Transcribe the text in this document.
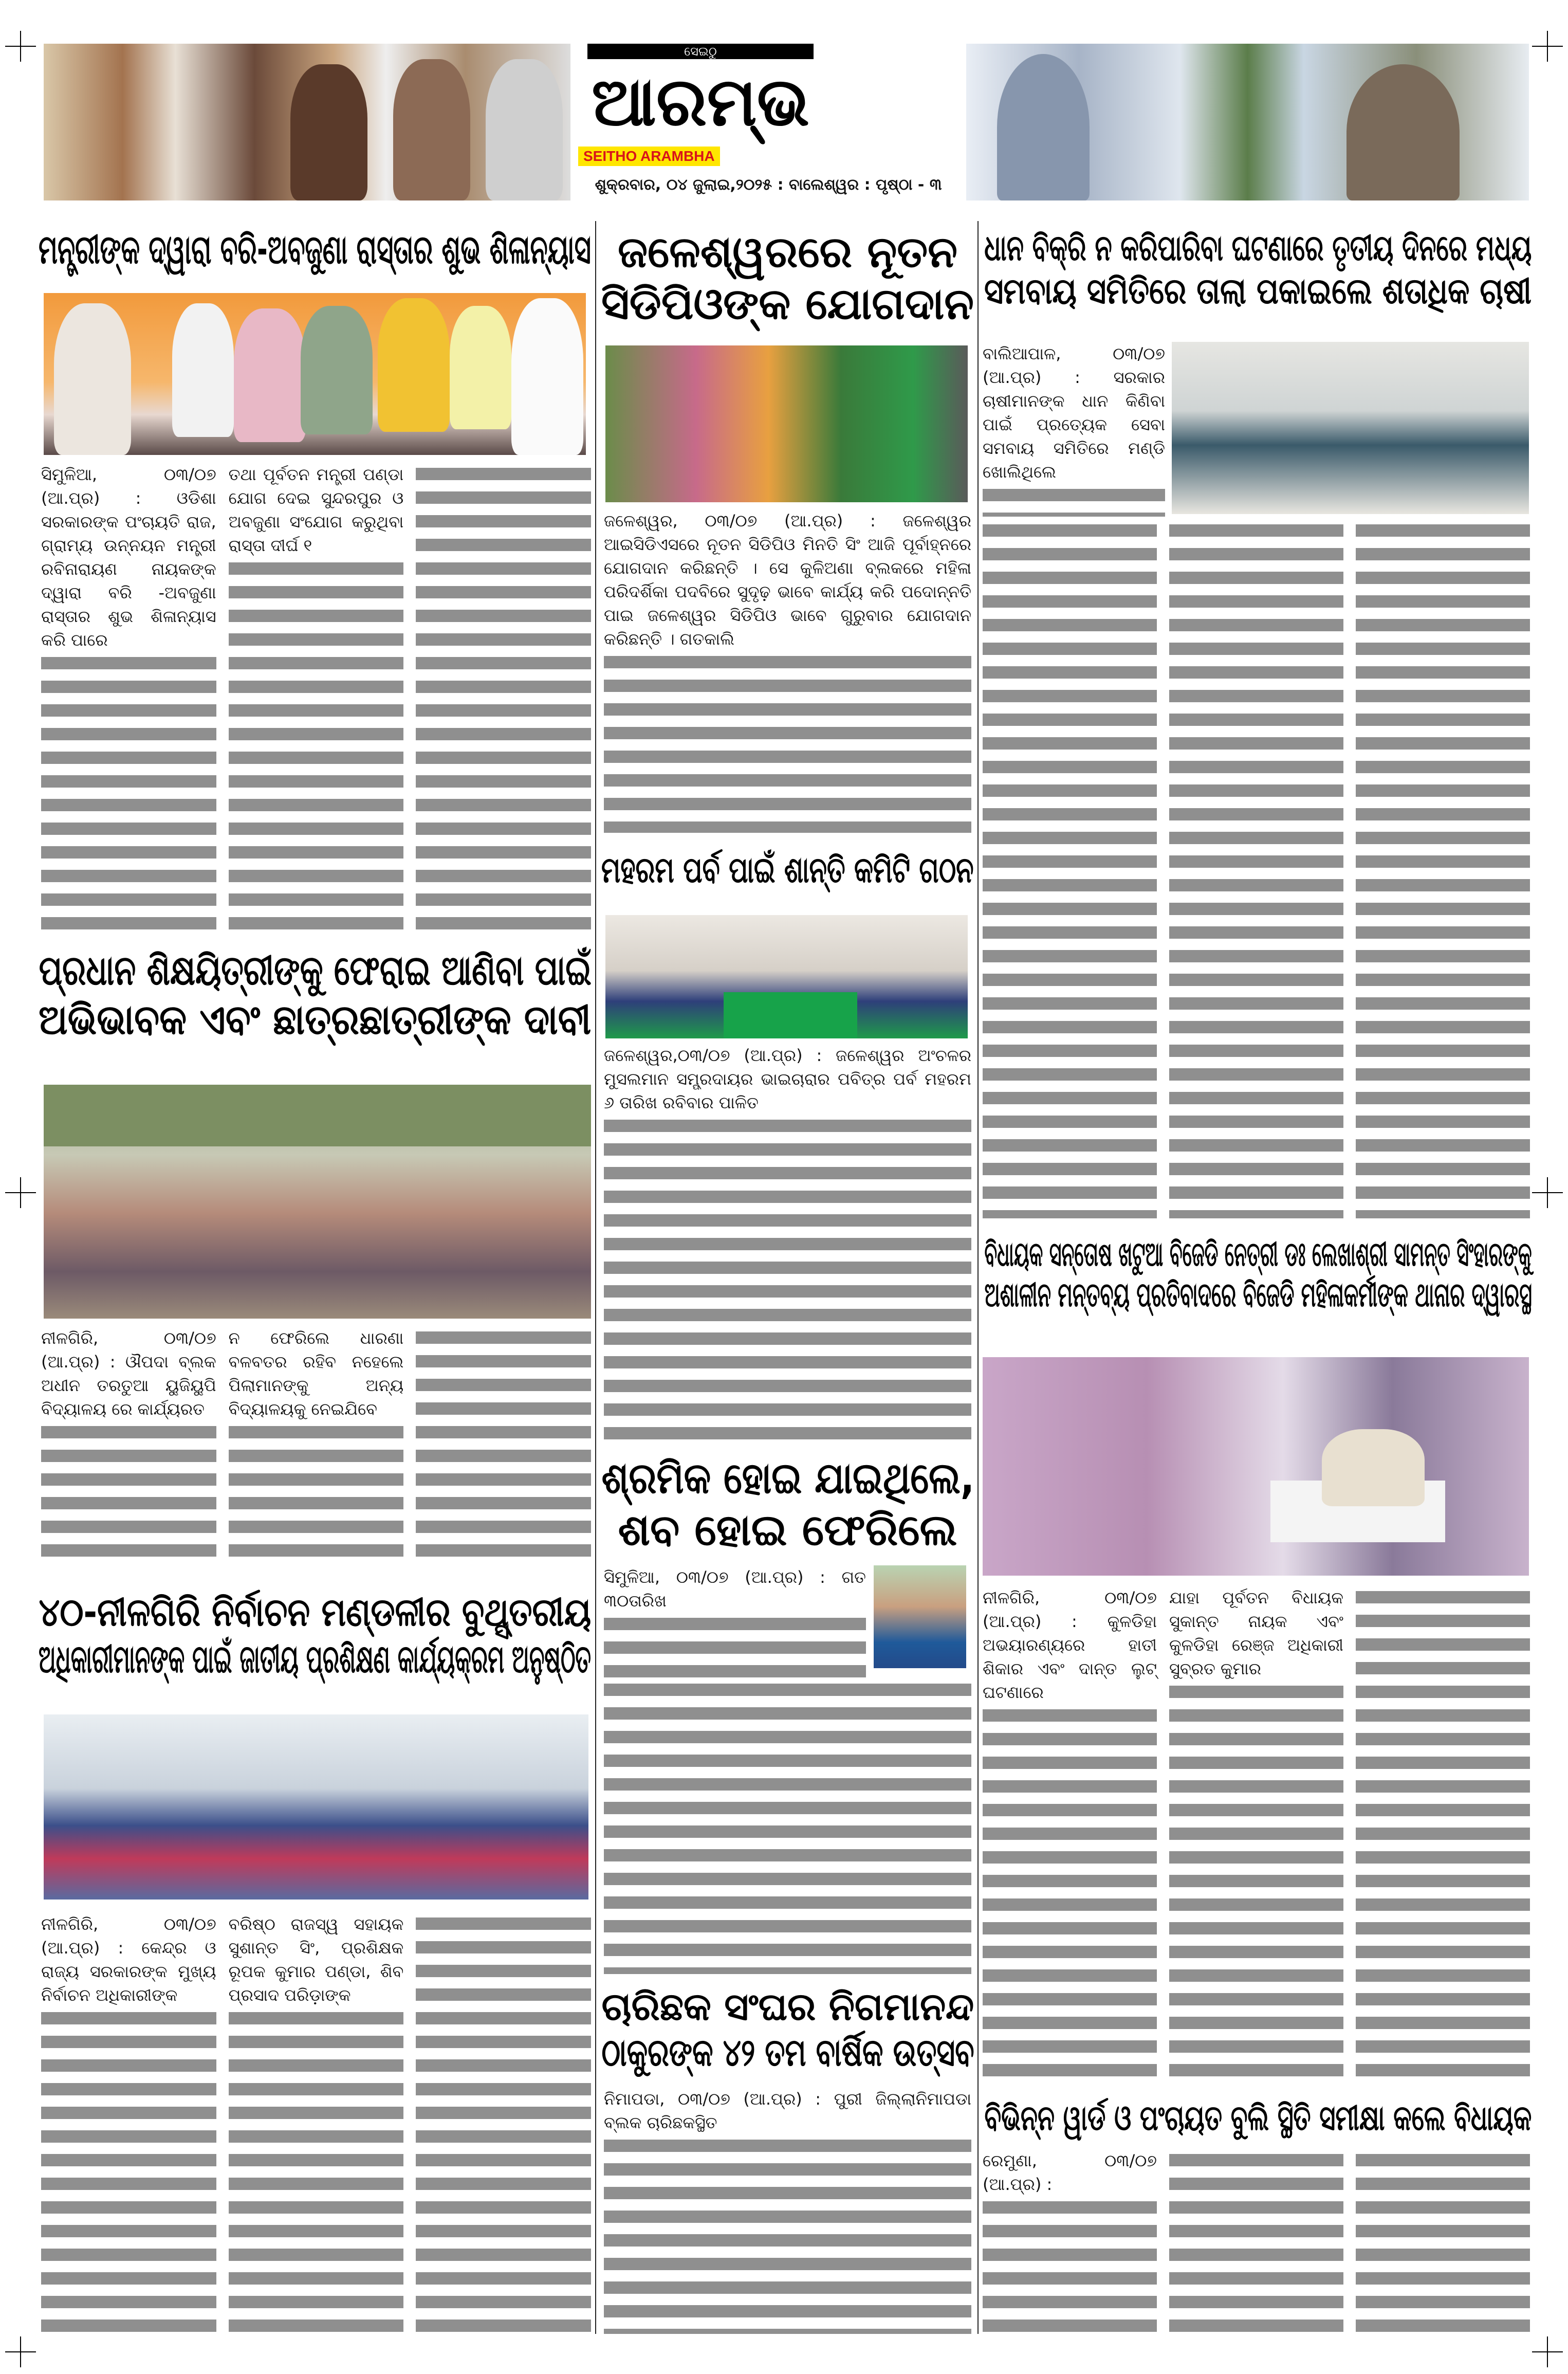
ସେଇଠୁ
ଆରମ୍ଭ
SEITHO ARAMBHA
ଶୁକ୍ରବାର, ୦୪ ଜୁଲାଇ,୨୦୨୫ : ବାଲେଶ୍ୱର : ପୃଷ୍ଠା - ୩
ମନ୍ତ୍ରୀଙ୍କ ଦ୍ୱାରା ବରି-ଅବଜୁଣା ରାସ୍ତାର ଶୁଭ ଶିଳାନ୍ୟାସ

ସିମୁଳିଆ, ୦୩/୦୭ (ଆ.ପ୍ର) : ଓଡିଶା ସରକାରଙ୍କ ପଂଚାୟତି ରାଜ, ଗ୍ରାମ୍ୟ ଉନ୍ନୟନ ମନ୍ତ୍ରୀ ରବିନାରାୟଣ ନାୟକଙ୍କ ଦ୍ୱାରା ବରି -ଅବଜୁଣା ରାସ୍ତାର ଶୁଭ ଶିଳାନ୍ୟାସ କରି ପାରେ

ତଥା ପୂର୍ବତନ ମନ୍ତ୍ରୀ ପଣ୍ଡା ଯୋଗ ଦେଇ ସୁନ୍ଦରପୁର ଓ ଅବଜୁଣା ସଂଯୋଗ କରୁଥିବା ରାସ୍ତା ଦୀର୍ଘ ୧

ପ୍ରଧାନ ଶିକ୍ଷୟିତ୍ରୀଙ୍କୁ ଫେରାଇ ଆଣିବା ପାଇଁ
ଅଭିଭାବକ ଏବଂ ଛାତ୍ରଛାତ୍ରୀଙ୍କ ଦାବୀ

ନୀଳଗିରି, ୦୩/୦୭ (ଆ.ପ୍ର) : ଔପଦା ବ୍ଲକ ଅଧୀନ ତରତୁଆ ୟୁଜିୟୁପି ବିଦ୍ୟାଳୟ ରେ କାର୍ଯ୍ୟରତ

ନ ଫେରିଲେ ଧାରଣା ବଳବତର ରହିବ ନହେଲେ ପିଲାମାନଙ୍କୁ ଅନ୍ୟ ବିଦ୍ୟାଳୟକୁ ନେଇଯିବେ

୪୦-ନୀଳଗିରି ନିର୍ବାଚନ ମଣ୍ଡଳୀର ବୁଥ୍ସ୍ତରୀୟ
ଅଧିକାରୀମାନଙ୍କ ପାଇଁ ଜାତୀୟ ପ୍ରଶିକ୍ଷଣ କାର୍ଯ୍ୟକ୍ରମ ଅନୁଷ୍ଠିତ

ନୀଳଗିରି, ୦୩/୦୭ (ଆ.ପ୍ର) : କେନ୍ଦ୍ର ଓ ରାଜ୍ୟ ସରକାରଙ୍କ ମୁଖ୍ୟ ନିର୍ବାଚନ ଅଧିକାରୀଙ୍କ

ବରିଷ୍ଠ ରାଜସ୍ୱ ସହାୟକ ସୁଶାନ୍ତ ସିଂ, ପ୍ରଶିକ୍ଷକ ରୂପକ କୁମାର ପଣ୍ଡା, ଶିବ ପ୍ରସାଦ ପରିଡ଼ାଙ୍କ

ଜଳେଶ୍ୱରରେ ନୂତନ
ସିଡିପିଓଙ୍କ ଯୋଗଦାନ

ଜଳେଶ୍ୱର, ୦୩/୦୭ (ଆ.ପ୍ର) : ଜଳେଶ୍ୱର ଆଇସିଡିଏସରେ ନୂତନ ସିଡିପିଓ ମିନତି ସିଂ ଆଜି ପୂର୍ବାହ୍ନରେ ଯୋଗଦାନ କରିଛନ୍ତି । ସେ କୁଳିଅଣା ବ୍ଲକରେ ମହିଳା ପରିଦର୍ଶିକା ପଦବିରେ ସୁଦୃଢ଼ ଭାବେ କାର୍ଯ୍ୟ କରି ପଦୋନ୍ନତି ପାଇ ଜଳେଶ୍ୱର ସିଡିପିଓ ଭାବେ ଗୁରୁବାର ଯୋଗଦାନ କରିଛନ୍ତି । ଗତକାଲି

ମହରମ ପର୍ବ ପାଇଁ ଶାନ୍ତି କମିଟି ଗଠନ

ଜଳେଶ୍ୱର,୦୩/୦୭ (ଆ.ପ୍ର) : ଜଳେଶ୍ୱର ଅଂଚଳର ମୁସଲମାନ ସମ୍ପ୍ରଦାୟର ଭାଇଚାରାର ପବିତ୍ର ପର୍ବ ମହରମ ୬ ତାରିଖ ରବିବାର ପାଳିତ

ଶ୍ରମିକ ହୋଇ ଯାଇଥିଲେ,
ଶବ ହୋଇ ଫେରିଲେ

ସିମୁଳିଆ, ୦୩/୦୭ (ଆ.ପ୍ର) : ଗତ ୩୦ତାରିଖ

ଚାରିଛକ ସଂଘର ନିଗମାନନ୍ଦ
ଠାକୁରଙ୍କ ୪୨ ତମ ବାର୍ଷିକ ଉତ୍ସବ

ନିମାପଡା, ୦୩/୦୭ (ଆ.ପ୍ର) : ପୁରୀ ଜିଲ୍ଲାନିମାପଡା ବ୍ଲକ ଚାରିଛକସ୍ଥିତ

ଧାନ ବିକ୍ରି ନ କରିପାରିବା ଘଟଣାରେ ତୃତୀୟ ଦିନରେ ମଧ୍ୟ
ସମବାୟ ସମିତିରେ ତାଲା ପକାଇଲେ ଶତାଧିକ ଚାଷୀ

ବାଲିଆପାଳ, ୦୩/୦୭ (ଆ.ପ୍ର) : ସରକାର ଚାଷୀମାନଙ୍କ ଧାନ କିଣିବା ପାଇଁ ପ୍ରତ୍ୟେକ ସେବା ସମବାୟ ସମିତିରେ ମଣ୍ଡି ଖୋଲିଥିଲେ

ବିଧାୟକ ସନ୍ତୋଷ ଖଟୁଆ ବିଜେଡି ନେତ୍ରୀ ଡଃ ଲେଖାଶ୍ରୀ ସାମନ୍ତ ସିଂହାରଙ୍କୁ
ଅଶାଳୀନ ମନ୍ତବ୍ୟ ପ୍ରତିବାଦରେ ବିଜେଡି ମହିଳାକର୍ମୀଙ୍କ ଥାନାର ଦ୍ୱାରସ୍ଥ

ନୀଳଗିରି, ୦୩/୦୭ (ଆ.ପ୍ର) : କୁଳଡିହା ଅଭୟାରଣ୍ୟରେ ହାତୀ ଶିକାର ଏବଂ ଦାନ୍ତ ଲୁଟ୍ ଘଟଣାରେ

ଯାହା ପୂର୍ବତନ ବିଧାୟକ ସୁକାନ୍ତ ନାୟକ ଏବଂ କୁଳଡିହା ରେଞ୍ଜ ଅଧିକାରୀ ସୁବ୍ରତ କୁମାର

ବିଭିନ୍ନ ୱାର୍ଡ ଓ ପଂଚାୟତ ବୁଲି ସ୍ଥିତି ସମୀକ୍ଷା କଲେ ବିଧାୟକ

ରେମୁଣା, ୦୩/୦୭ (ଆ.ପ୍ର) :
